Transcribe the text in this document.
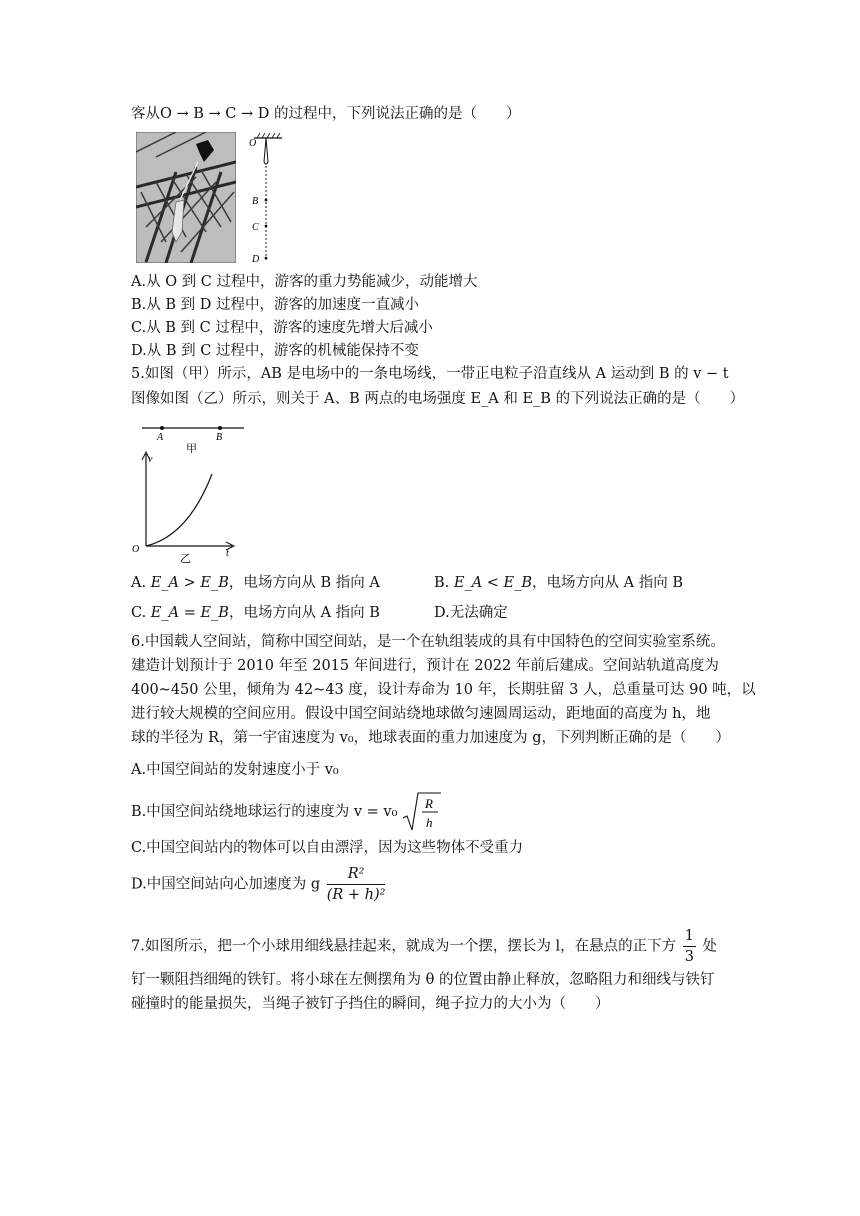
客从O → B → C → D 的过程中，下列说法正确的是（　　）
O
B
C
D
A.从 O 到 C 过程中，游客的重力势能减少，动能增大
B.从 B 到 D 过程中，游客的加速度一直减小
C.从 B 到 C 过程中，游客的速度先增大后减小
D.从 B 到 C 过程中，游客的机械能保持不变
5.如图（甲）所示，AB 是电场中的一条电场线，一带正电粒子沿直线从 A 运动到 B 的 v − t
图像如图（乙）所示，则关于 A、B 两点的电场强度 E_A 和 E_B 的下列说法正确的是（　　）
A	B
甲
v
t
O
乙
A. E_A > E_B，电场方向从 B 指向 A	B. E_A < E_B，电场方向从 A 指向 B
C. E_A = E_B，电场方向从 A 指向 B	D.无法确定
6.中国载人空间站，简称中国空间站，是一个在轨组装成的具有中国特色的空间实验室系统。
建造计划预计于 2010 年至 2015 年间进行，预计在 2022 年前后建成。空间站轨道高度为
400~450 公里，倾角为 42~43 度，设计寿命为 10 年，长期驻留 3 人，总重量可达 90 吨，以
进行较大规模的空间应用。假设中国空间站绕地球做匀速圆周运动，距地面的高度为 h，地
球的半径为 R，第一宇宙速度为 v₀，地球表面的重力加速度为 g，下列判断正确的是（　　）
A.中国空间站的发射速度小于 v₀
B.中国空间站绕地球运行的速度为 v = v₀
R
h
C.中国空间站内的物体可以自由漂浮，因为这些物体不受重力
D.中国空间站向心加速度为 g $\frac{\text{R²}}{\text{(R + h)²}}$
7.如图所示，把一个小球用细线悬挂起来，就成为一个摆，摆长为 l，在悬点的正下方 $\frac{1}{3}$ 处
钉一颗阻挡细绳的铁钉。将小球在左侧摆角为 θ 的位置由静止释放，忽略阻力和细线与铁钉
碰撞时的能量损失，当绳子被钉子挡住的瞬间，绳子拉力的大小为（　　）
